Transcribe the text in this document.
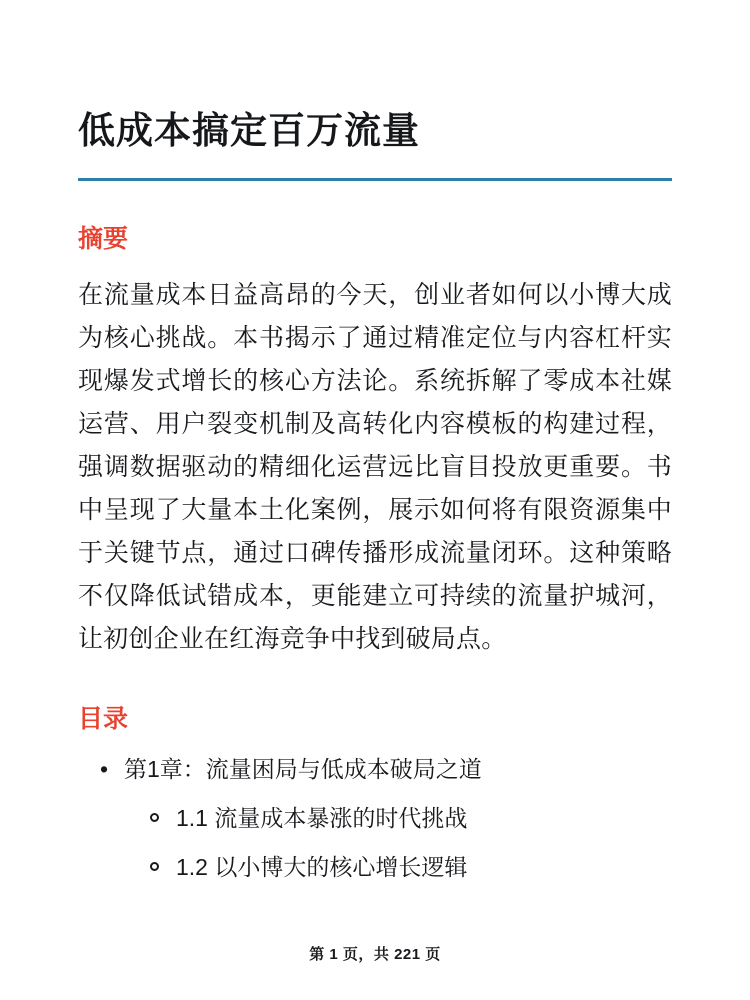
低成本搞定百万流量
摘要

在流量成本日益高昂的今天，创业者如何以小博大成为核心挑战。本书揭示了通过精准定位与内容杠杆实现爆发式增长的核心方法论。系统拆解了零成本社媒运营、用户裂变机制及高转化内容模板的构建过程，强调数据驱动的精细化运营远比盲目投放更重要。书中呈现了大量本土化案例，展示如何将有限资源集中于关键节点，通过口碑传播形成流量闭环。这种策略不仅降低试错成本，更能建立可持续的流量护城河，让初创企业在红海竞争中找到破局点。

目录
• 第1章：流量困局与低成本破局之道
1.1 流量成本暴涨的时代挑战
1.2 以小博大的核心增长逻辑
第 1 页，共 221 页
